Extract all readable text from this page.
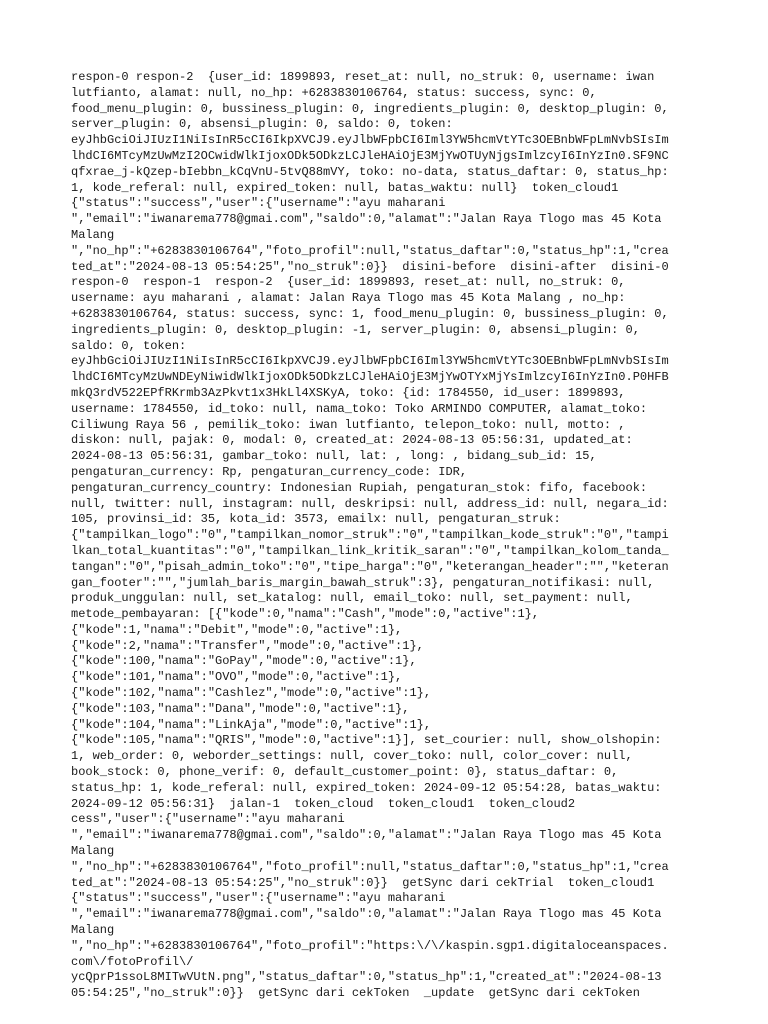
respon-0 respon-2  {user_id: 1899893, reset_at: null, no_struk: 0, username: iwan
lutfianto, alamat: null, no_hp: +6283830106764, status: success, sync: 0,
food_menu_plugin: 0, bussiness_plugin: 0, ingredients_plugin: 0, desktop_plugin: 0,
server_plugin: 0, absensi_plugin: 0, saldo: 0, token:
eyJhbGciOiJIUzI1NiIsInR5cCI6IkpXVCJ9.eyJlbWFpbCI6Iml3YW5hcmVtYTc3OEBnbWFpLmNvbSIsIm
lhdCI6MTcyMzUwMzI2OCwidWlkIjoxODk5ODkzLCJleHAiOjE3MjYwOTUyNjgsImlzcyI6InYzIn0.SF9NC
qfxrae_j-kQzep-bIebbn_kCqVnU-5tvQ88mVY, toko: no-data, status_daftar: 0, status_hp:
1, kode_referal: null, expired_token: null, batas_waktu: null}  token_cloud1
{"status":"success","user":{"username":"ayu maharani
","email":"iwanarema778@gmai.com","saldo":0,"alamat":"Jalan Raya Tlogo mas 45 Kota
Malang
","no_hp":"+6283830106764","foto_profil":null,"status_daftar":0,"status_hp":1,"crea
ted_at":"2024-08-13 05:54:25","no_struk":0}}  disini-before  disini-after  disini-0
respon-0  respon-1  respon-2  {user_id: 1899893, reset_at: null, no_struk: 0,
username: ayu maharani , alamat: Jalan Raya Tlogo mas 45 Kota Malang , no_hp:
+6283830106764, status: success, sync: 1, food_menu_plugin: 0, bussiness_plugin: 0,
ingredients_plugin: 0, desktop_plugin: -1, server_plugin: 0, absensi_plugin: 0,
saldo: 0, token:
eyJhbGciOiJIUzI1NiIsInR5cCI6IkpXVCJ9.eyJlbWFpbCI6Iml3YW5hcmVtYTc3OEBnbWFpLmNvbSIsIm
lhdCI6MTcyMzUwNDEyNiwidWlkIjoxODk5ODkzLCJleHAiOjE3MjYwOTYxMjYsImlzcyI6InYzIn0.P0HFB
mkQ3rdV522EPfRKrmb3AzPkvt1x3HkLl4XSKyA, toko: {id: 1784550, id_user: 1899893,
username: 1784550, id_toko: null, nama_toko: Toko ARMINDO COMPUTER, alamat_toko:
Ciliwung Raya 56 , pemilik_toko: iwan lutfianto, telepon_toko: null, motto: ,
diskon: null, pajak: 0, modal: 0, created_at: 2024-08-13 05:56:31, updated_at:
2024-08-13 05:56:31, gambar_toko: null, lat: , long: , bidang_sub_id: 15,
pengaturan_currency: Rp, pengaturan_currency_code: IDR,
pengaturan_currency_country: Indonesian Rupiah, pengaturan_stok: fifo, facebook:
null, twitter: null, instagram: null, deskripsi: null, address_id: null, negara_id:
105, provinsi_id: 35, kota_id: 3573, emailx: null, pengaturan_struk:
{"tampilkan_logo":"0","tampilkan_nomor_struk":"0","tampilkan_kode_struk":"0","tampi
lkan_total_kuantitas":"0","tampilkan_link_kritik_saran":"0","tampilkan_kolom_tanda_
tangan":"0","pisah_admin_toko":"0","tipe_harga":"0","keterangan_header":"","keteran
gan_footer":"","jumlah_baris_margin_bawah_struk":3}, pengaturan_notifikasi: null,
produk_unggulan: null, set_katalog: null, email_toko: null, set_payment: null,
metode_pembayaran: [{"kode":0,"nama":"Cash","mode":0,"active":1},
{"kode":1,"nama":"Debit","mode":0,"active":1},
{"kode":2,"nama":"Transfer","mode":0,"active":1},
{"kode":100,"nama":"GoPay","mode":0,"active":1},
{"kode":101,"nama":"OVO","mode":0,"active":1},
{"kode":102,"nama":"Cashlez","mode":0,"active":1},
{"kode":103,"nama":"Dana","mode":0,"active":1},
{"kode":104,"nama":"LinkAja","mode":0,"active":1},
{"kode":105,"nama":"QRIS","mode":0,"active":1}], set_courier: null, show_olshopin:
1, web_order: 0, weborder_settings: null, cover_toko: null, color_cover: null,
book_stock: 0, phone_verif: 0, default_customer_point: 0}, status_daftar: 0,
status_hp: 1, kode_referal: null, expired_token: 2024-09-12 05:54:28, batas_waktu:
2024-09-12 05:56:31}  jalan-1  token_cloud  token_cloud1  token_cloud2
cess","user":{"username":"ayu maharani
","email":"iwanarema778@gmai.com","saldo":0,"alamat":"Jalan Raya Tlogo mas 45 Kota
Malang
","no_hp":"+6283830106764","foto_profil":null,"status_daftar":0,"status_hp":1,"crea
ted_at":"2024-08-13 05:54:25","no_struk":0}}  getSync dari cekTrial  token_cloud1
{"status":"success","user":{"username":"ayu maharani
","email":"iwanarema778@gmai.com","saldo":0,"alamat":"Jalan Raya Tlogo mas 45 Kota
Malang
","no_hp":"+6283830106764","foto_profil":"https:\/\/kaspin.sgp1.digitaloceanspaces.
com\/fotoProfil\/
ycQprP1ssoL8MITwVUtN.png","status_daftar":0,"status_hp":1,"created_at":"2024-08-13
05:54:25","no_struk":0}}  getSync dari cekToken  _update  getSync dari cekToken
